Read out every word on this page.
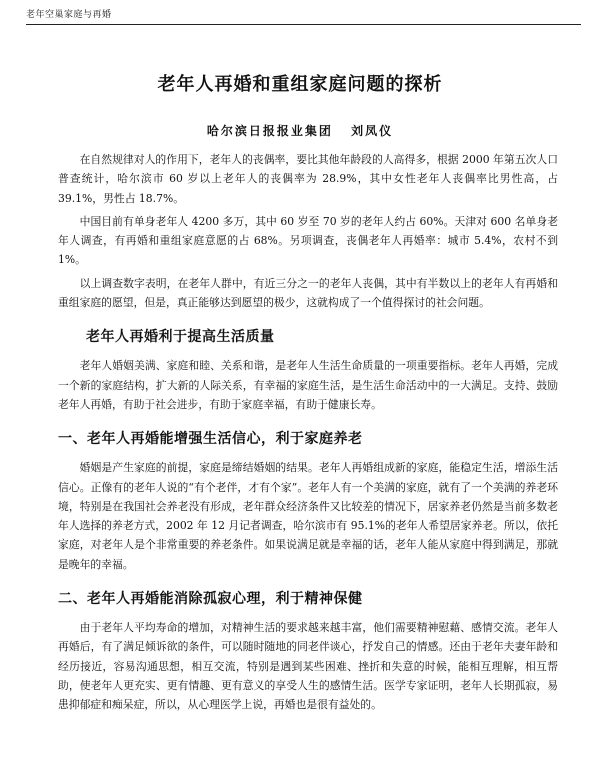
老年空巢家庭与再婚
老年人再婚和重组家庭问题的探析
哈尔滨日报报业集团 刘凤仪

在自然规律对人的作用下，老年人的丧偶率，要比其他年龄段的人高得多，根据 2000 年第五次人口普查统计，哈尔滨市 60 岁以上老年人的丧偶率为 28.9%，其中女性老年人丧偶率比男性高，占 39.1%，男性占 18.7%。

中国目前有单身老年人 4200 多万，其中 60 岁至 70 岁的老年人约占 60%。天津对 600 名单身老年人调查，有再婚和重组家庭意愿的占 68%。另项调查，丧偶老年人再婚率：城市 5.4%，农村不到 1%。

以上调查数字表明，在老年人群中，有近三分之一的老年人丧偶，其中有半数以上的老年人有再婚和重组家庭的愿望，但是，真正能够达到愿望的极少，这就构成了一个值得探讨的社会问题。

老年人再婚利于提高生活质量

老年人婚姻美满、家庭和睦、关系和谐，是老年人生活生命质量的一项重要指标。老年人再婚，完成一个新的家庭结构，扩大新的人际关系，有幸福的家庭生活，是生活生命活动中的一大满足。支持、鼓励老年人再婚，有助于社会进步，有助于家庭幸福，有助于健康长寿。

一、老年人再婚能增强生活信心，利于家庭养老

婚姻是产生家庭的前提，家庭是缔结婚姻的结果。老年人再婚组成新的家庭，能稳定生活，增添生活信心。正像有的老年人说的“有个老伴，才有个家”。老年人有一个美满的家庭，就有了一个美满的养老环境，特别是在我国社会养老没有形成，老年群众经济条件又比较差的情况下，居家养老仍然是当前多数老年人选择的养老方式，2002 年 12 月记者调查，哈尔滨市有 95.1%的老年人希望居家养老。所以，依托家庭，对老年人是个非常重要的养老条件。如果说满足就是幸福的话，老年人能从家庭中得到满足，那就是晚年的幸福。

二、老年人再婚能消除孤寂心理，利于精神保健

由于老年人平均寿命的增加，对精神生活的要求越来越丰富，他们需要精神慰藉、感情交流。老年人再婚后，有了满足倾诉欲的条件，可以随时随地的同老伴谈心，抒发自己的情感。还由于老年夫妻年龄和经历接近，容易沟通思想，相互交流，特别是遇到某些困难、挫折和失意的时候，能相互理解，相互帮助，使老年人更充实、更有情趣、更有意义的享受人生的感情生活。医学专家证明，老年人长期孤寂，易患抑郁症和痴呆症，所以，从心理医学上说，再婚也是很有益处的。
